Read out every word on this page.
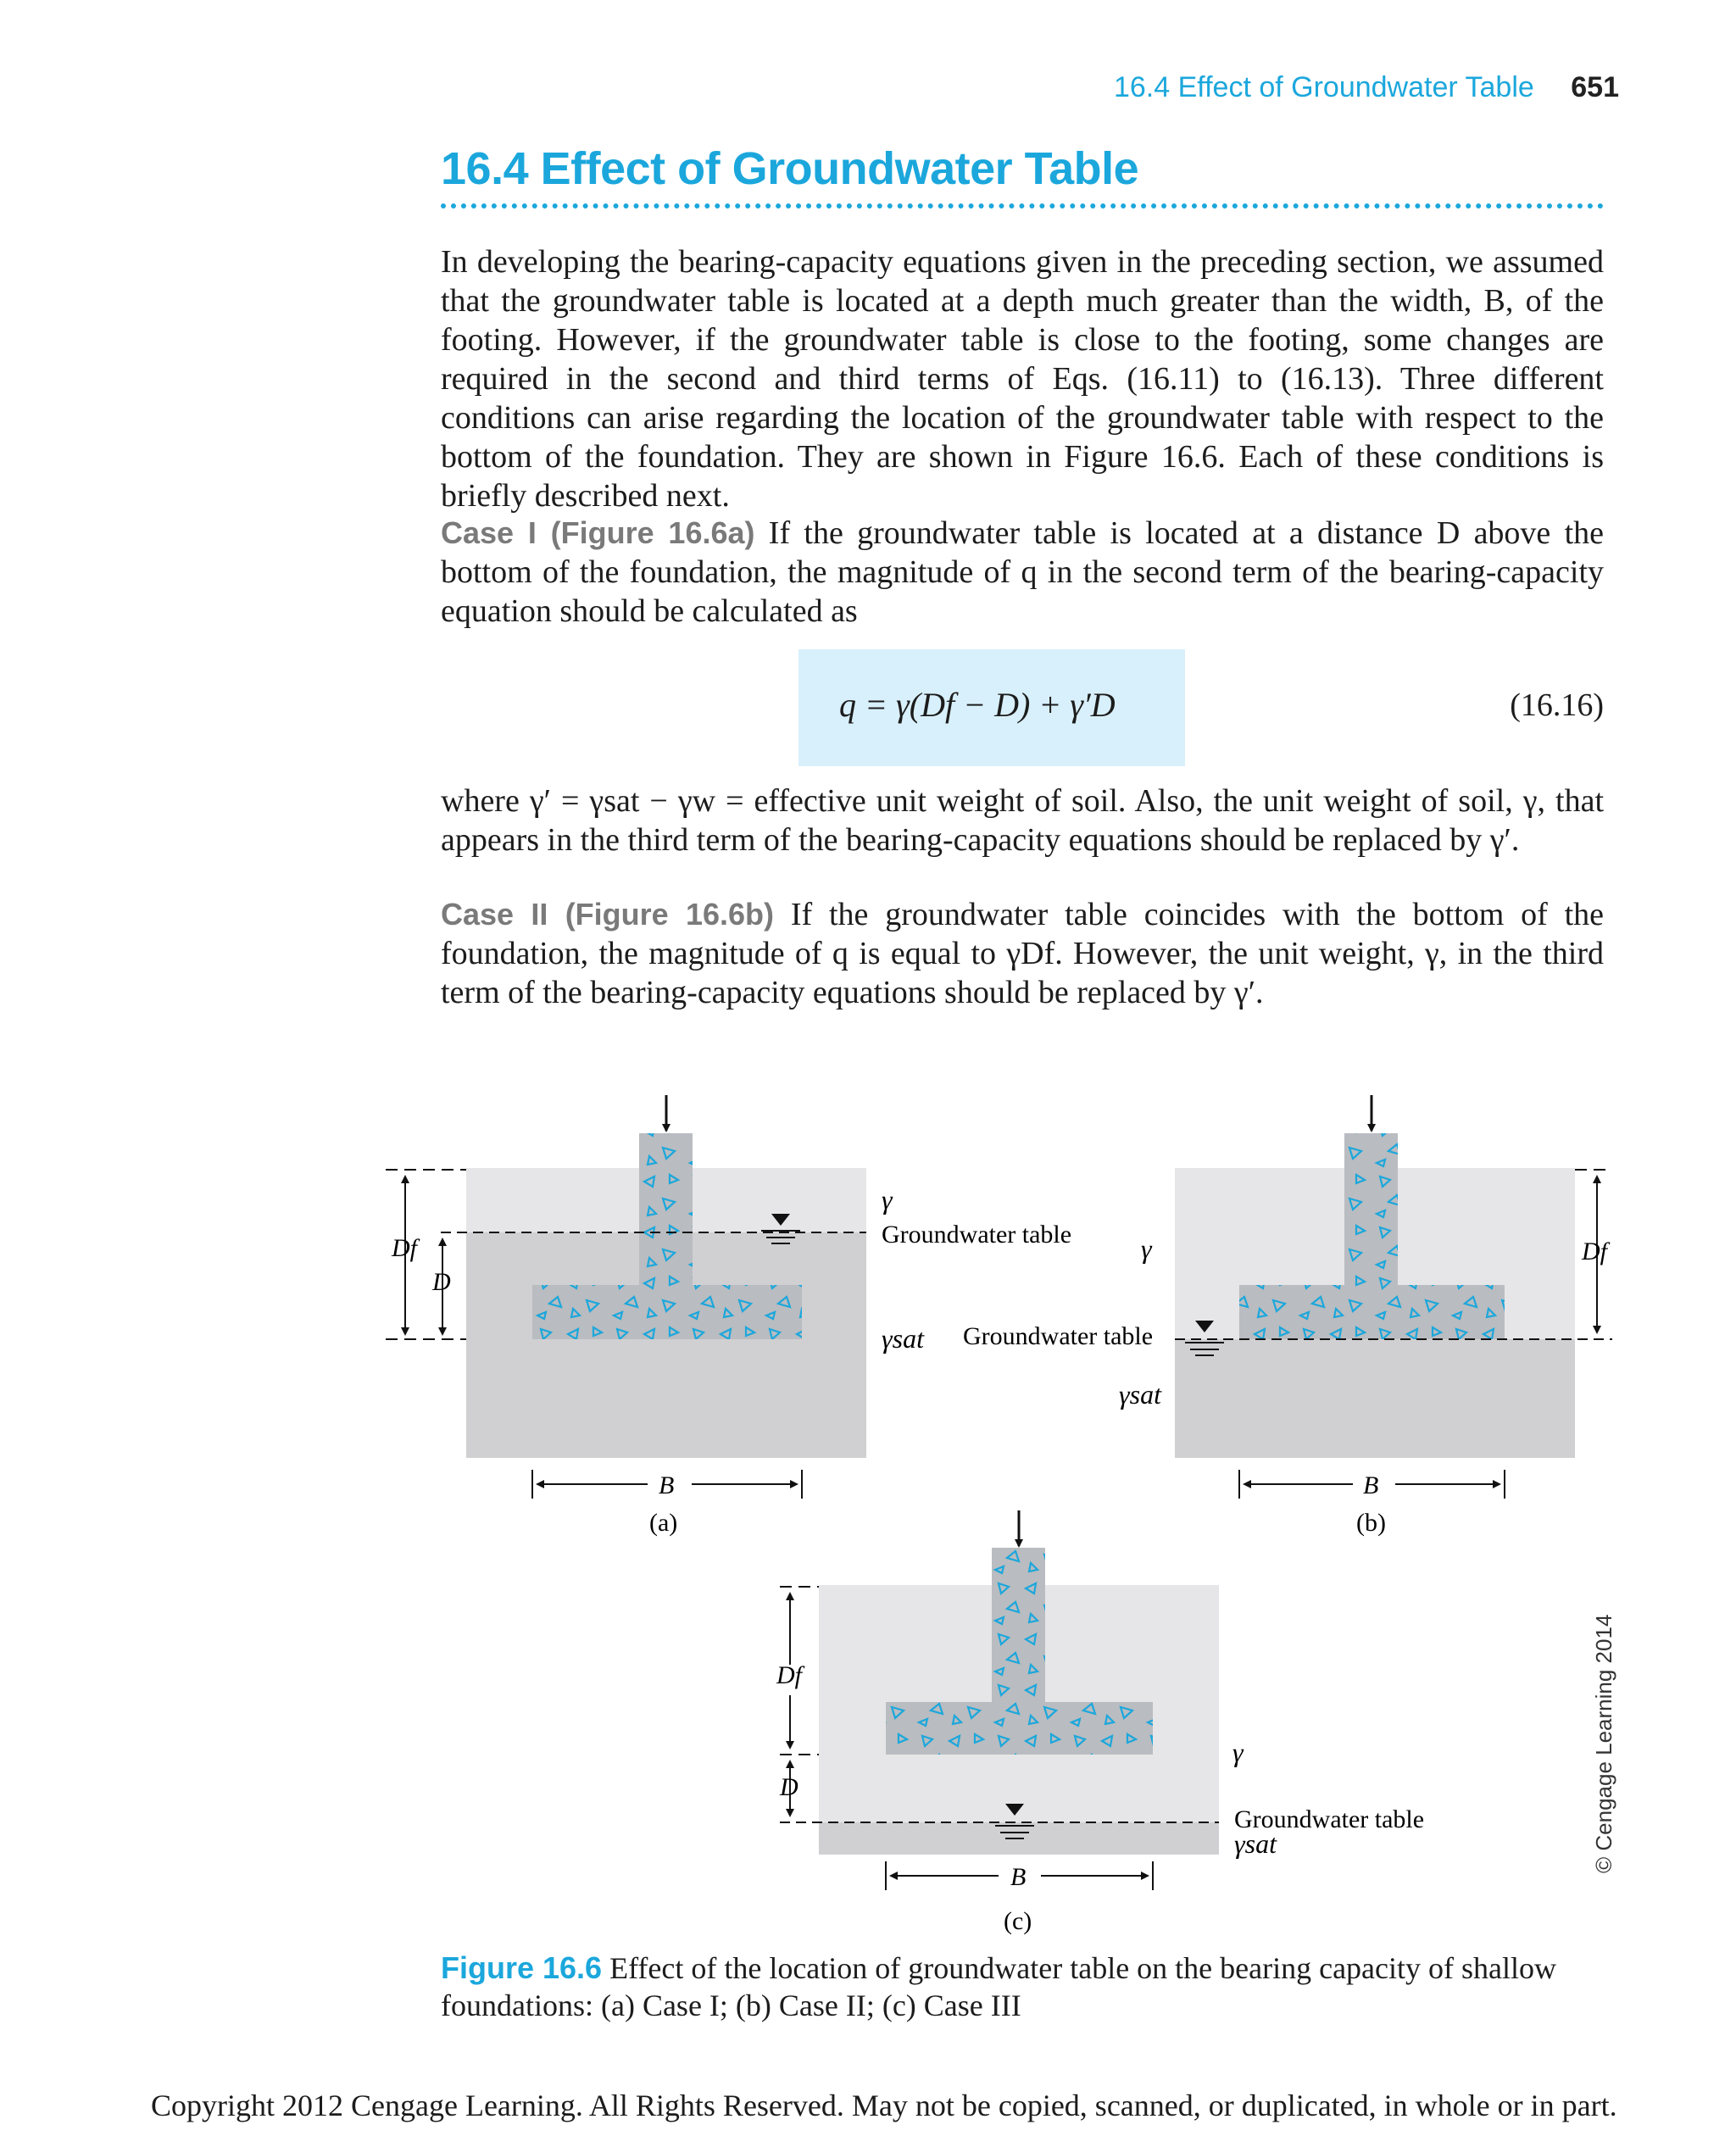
16.4 Effect of Groundwater Table 651
16.4 Effect of Groundwater Table

In developing the bearing-capacity equations given in the preceding section, we assumed that the groundwater table is located at a depth much greater than the width, B, of the footing. However, if the groundwater table is close to the footing, some changes are required in the second and third terms of Eqs. (16.11) to (16.13). Three different conditions can arise regarding the location of the groundwater table with respect to the bottom of the foundation. They are shown in Figure 16.6. Each of these conditions is briefly described next.

Case I (Figure 16.6a) If the groundwater table is located at a distance D above the bottom of the foundation, the magnitude of q in the second term of the bearing-capacity equation should be calculated as

q = γ(Df − D) + γ′D	(16.16)

where γ′ = γsat − γw = effective unit weight of soil. Also, the unit weight of soil, γ, that appears in the third term of the bearing-capacity equations should be replaced by γ′.

Case II (Figure 16.6b) If the groundwater table coincides with the bottom of the foundation, the magnitude of q is equal to γDf. However, the unit weight, γ, in the third term of the bearing-capacity equations should be replaced by γ′.

γ
Groundwater table
γsat
Df
D
B
(a)
γ
Groundwater table
γsat
Df
B
(b)
γ
Groundwater table
γsat
Df
D
B
(c)

Figure 16.6 Effect of the location of groundwater table on the bearing capacity of shallow foundations: (a) Case I; (b) Case II; (c) Case III

© Cengage Learning 2014
Copyright 2012 Cengage Learning. All Rights Reserved. May not be copied, scanned, or duplicated, in whole or in part.
